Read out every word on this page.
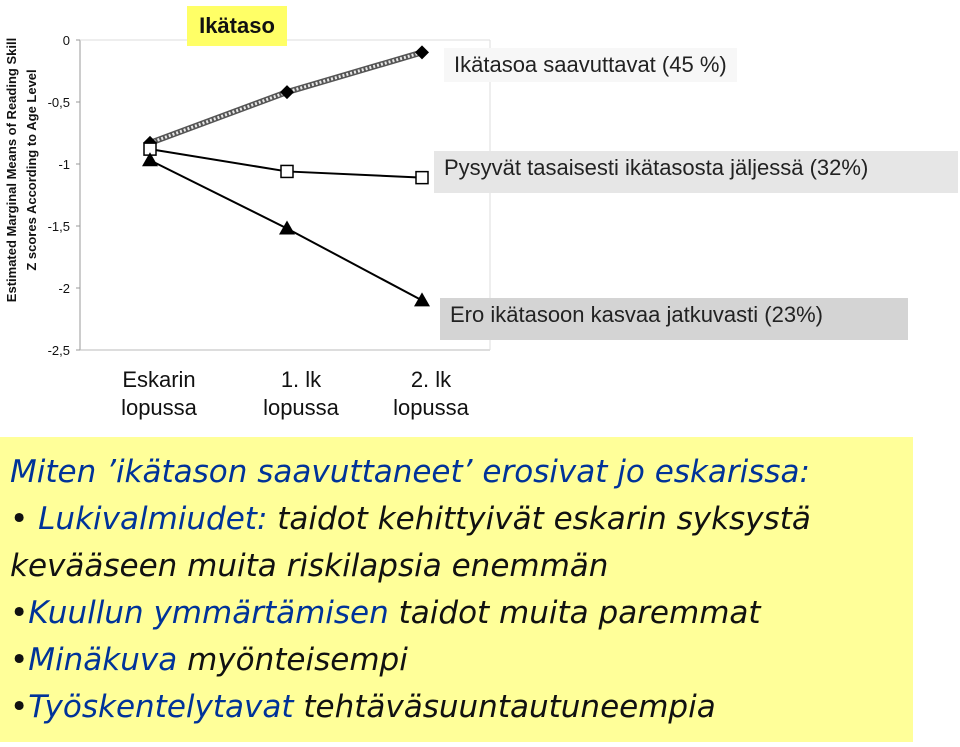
0
-0,5
-1
-1,5
-2
-2,5
Estimated Marginal Means of Reading Skill Z scores According to Age Level
Ikätaso
Ikätasoa saavuttavat (45 %)
Pysyvät tasaisesti ikätasosta jäljessä (32%)
Ero ikätasoon kasvaa jatkuvasti (23%)
Eskarin
lopussa
1. lk
lopussa
2. lk
lopussa
Miten ’ikätason saavuttaneet’ erosivat jo eskarissa:
• Lukivalmiudet: taidot kehittyivät eskarin syksystä
kevääseen muita riskilapsia enemmän
•Kuullun ymmärtämisen taidot muita paremmat
•Minäkuva myönteisempi
•Työskentelytavat tehtäväsuuntautuneempia
